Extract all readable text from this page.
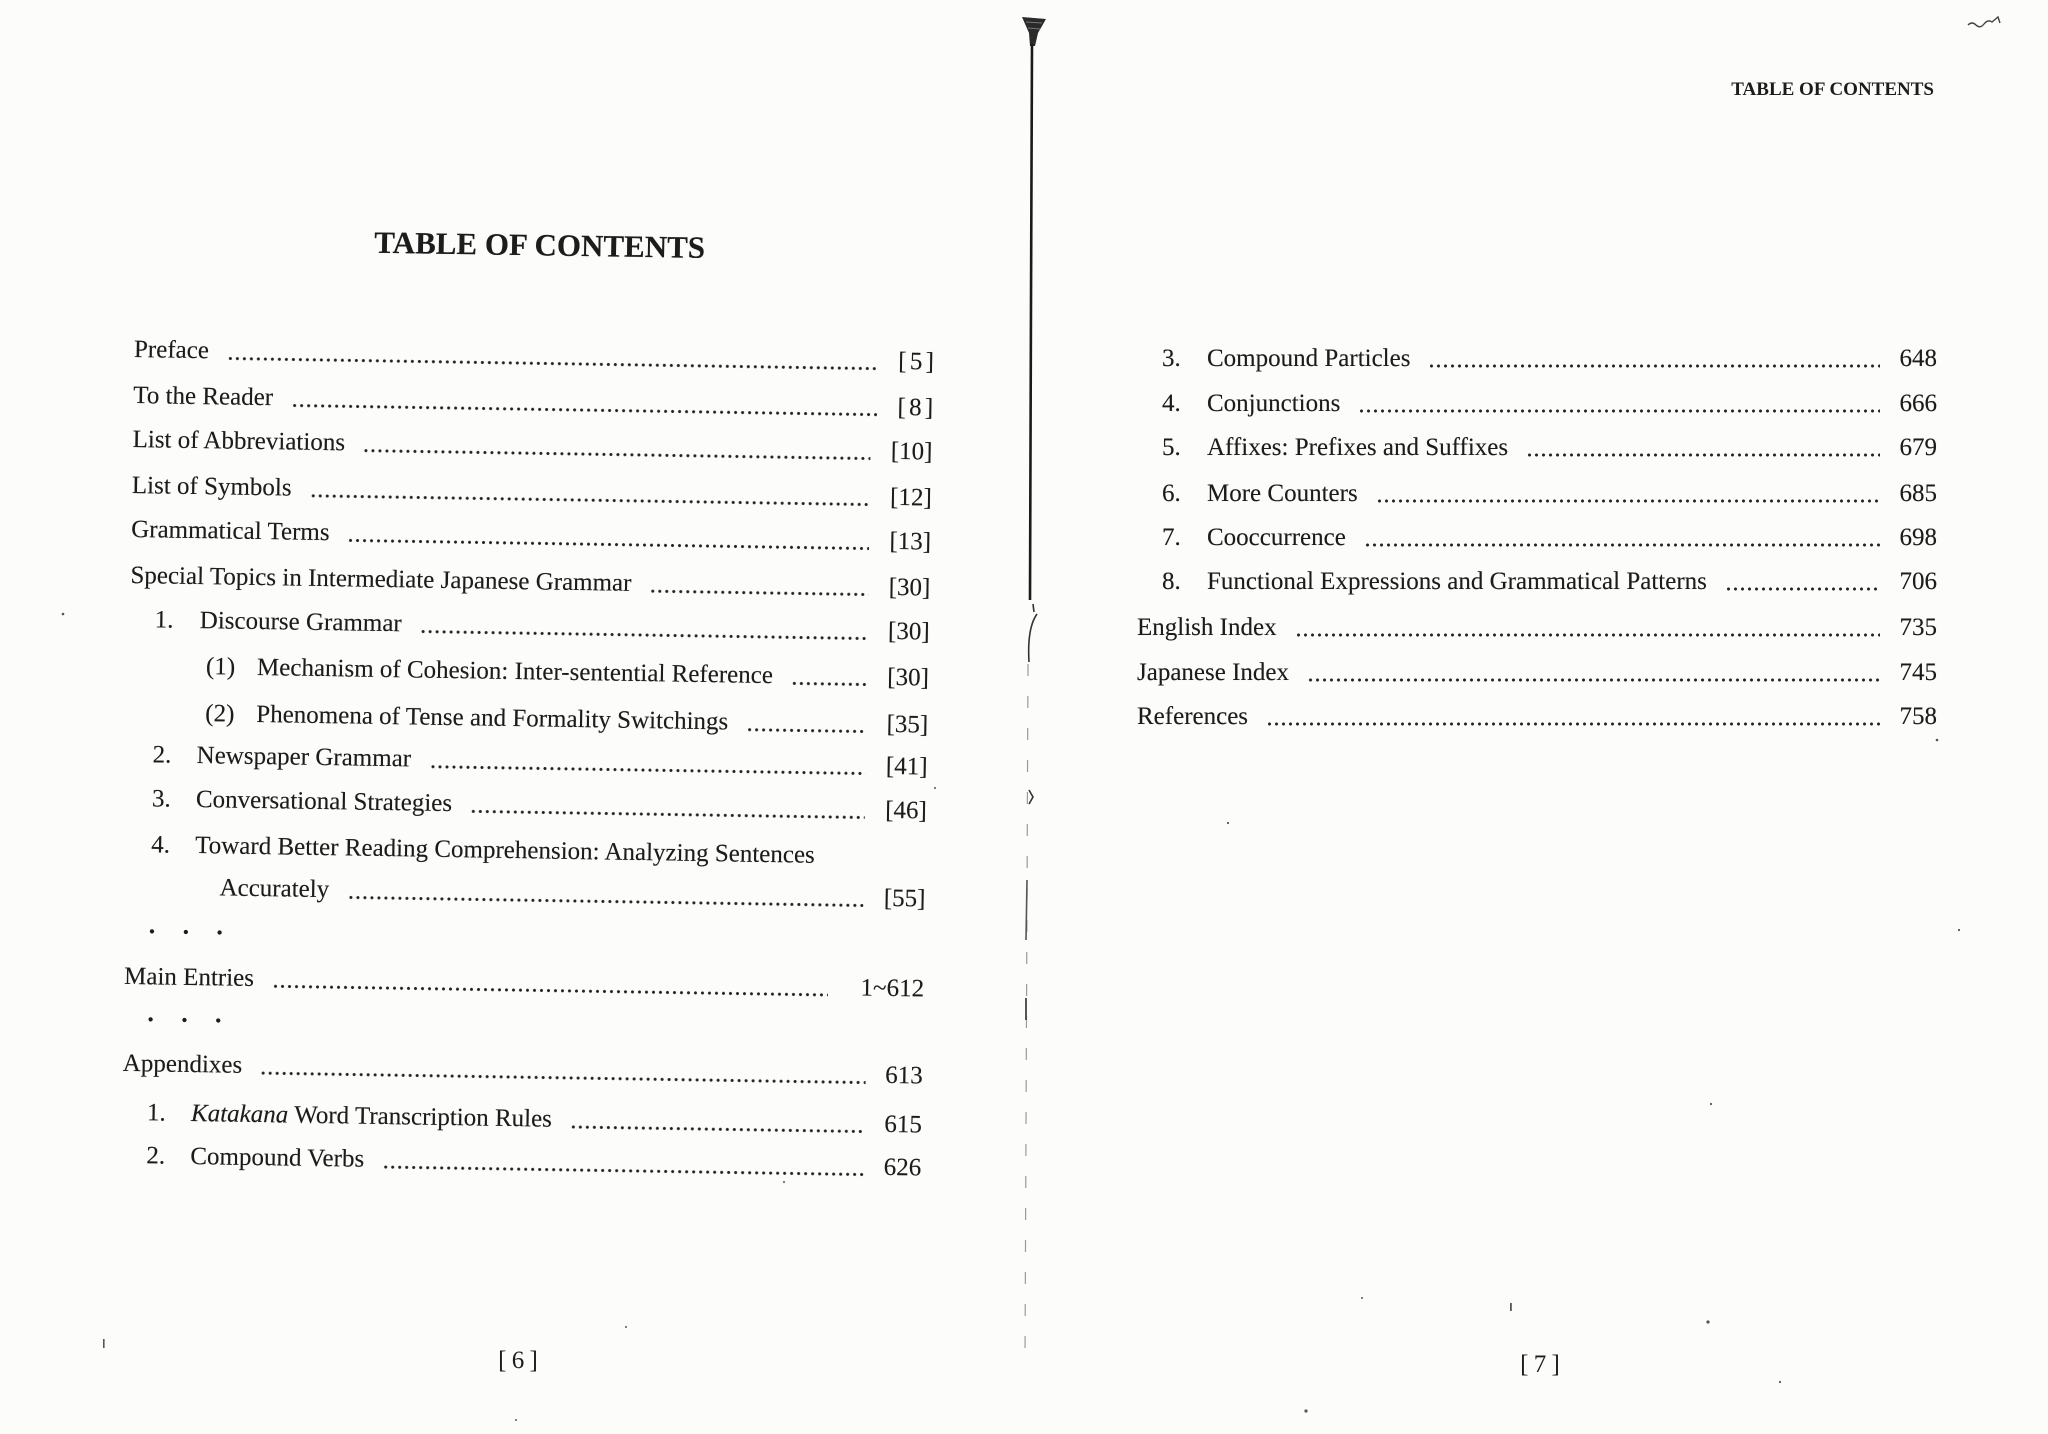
TABLE OF CONTENTS
Preface	[ 5 ]
To the Reader	[ 8 ]
List of Abbreviations	[10]
List of Symbols	[12]
Grammatical Terms	[13]
Special Topics in Intermediate Japanese Grammar	[30]
1. Discourse Grammar	[30]
(1) Mechanism of Cohesion: Inter-sentential Reference	[30]
(2) Phenomena of Tense and Formality Switchings	[35]
2. Newspaper Grammar	[41]
3. Conversational Strategies	[46]
4. Toward Better Reading Comprehension: Analyzing Sentences
Accurately	[55]
• • •
Main Entries	1~612
• • •
Appendixes	613
1. Katakana Word Transcription Rules	615
2. Compound Verbs	626
[ 6 ]
TABLE OF CONTENTS
3. Compound Particles	648
4. Conjunctions	666
5. Affixes: Prefixes and Suffixes	679
6. More Counters	685
7. Cooccurrence	698
8. Functional Expressions and Grammatical Patterns	706
English Index	735
Japanese Index	745
References	758
[ 7 ]
